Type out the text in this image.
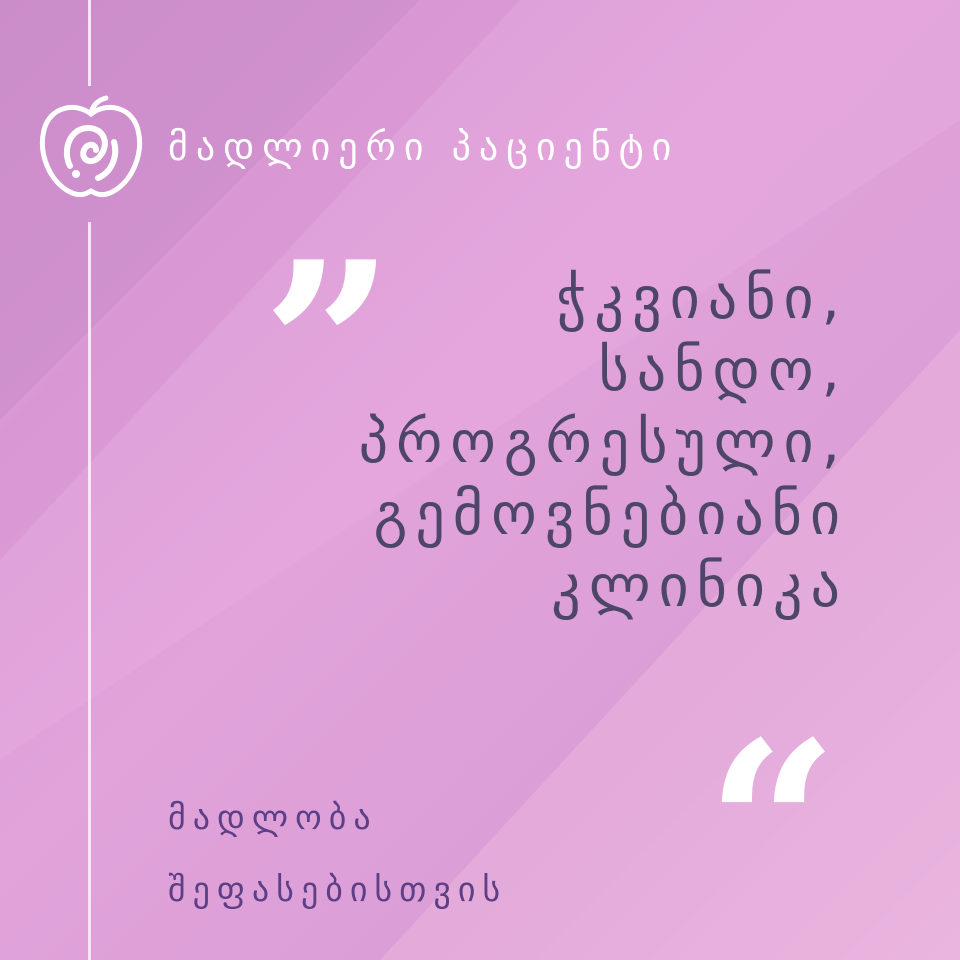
მადლიერი პაციენტი
”	ჭკვიანი,
სანდო,
პროგრესული,
გემოვნებიანი
კლინიკა
“
მადლობა
შეფასებისთვის
